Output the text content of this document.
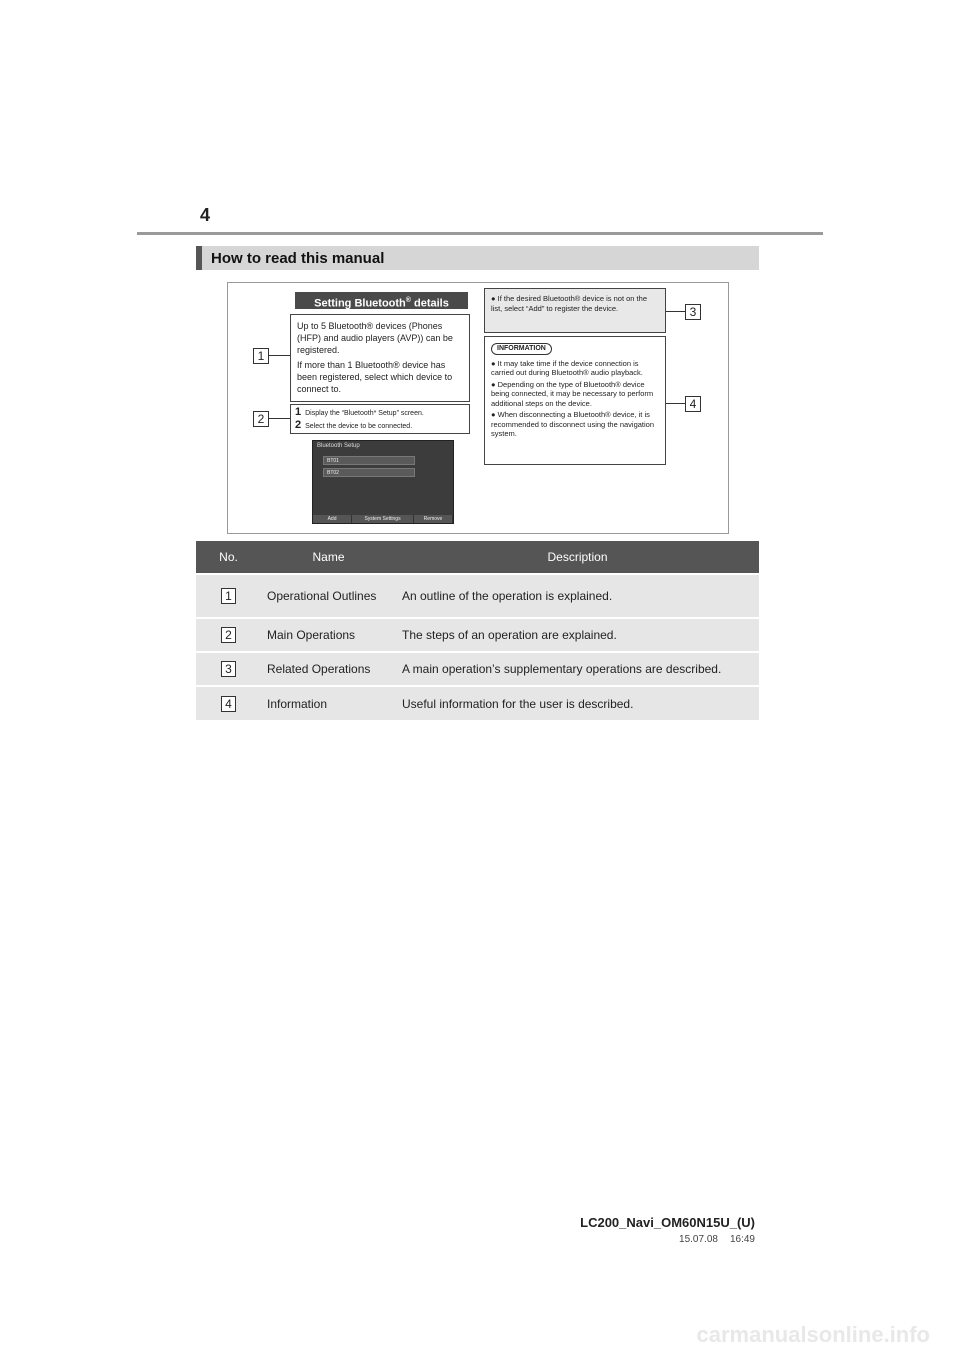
4
How to read this manual
1
2
3
4
Setting Bluetooth® details

Up to 5 Bluetooth® devices (Phones (HFP) and audio players (AVP)) can be registered.

If more than 1 Bluetooth® device has been registered, select which device to connect to.

1 Display the “Bluetooth* Setup” screen.
2 Select the device to be connected.
Bluetooth Setup
BT01
BT02
Add	System Settings	Remove
● If the desired Bluetooth® device is not on the list, select “Add” to register the device.
INFORMATION
● It may take time if the device connection is carried out during Bluetooth® audio playback.
● Depending on the type of Bluetooth® device being connected, it may be necessary to perform additional steps on the device.
● When disconnecting a Bluetooth® device, it is recommended to disconnect using the navigation system.
No.	Name	Description
1	Operational Outlines	An outline of the operation is explained.
2	Main Operations	The steps of an operation are explained.
3	Related Operations	A main operation’s supplementary operations are described.
4	Information	Useful information for the user is described.
LC200_Navi_OM60N15U_(U)
15.07.08 16:49
carmanualsonline.info
